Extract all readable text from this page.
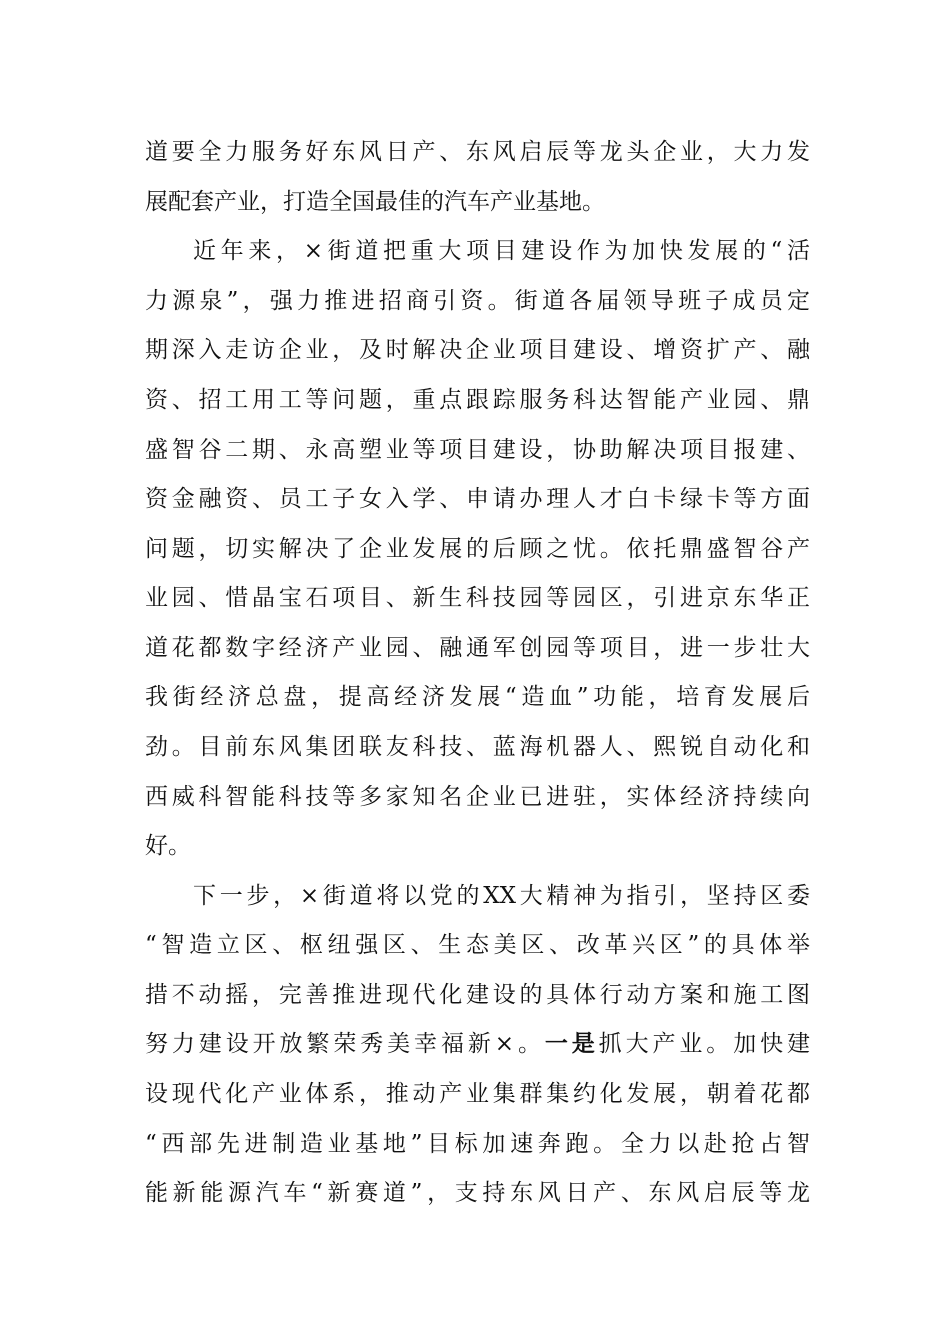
道要全力服务好东风日产、东风启辰等龙头企业，大力发
展配套产业，打造全国最佳的汽车产业基地。
近年来，×街道把重大项目建设作为加快发展的“活
力源泉”，强力推进招商引资。街道各届领导班子成员定
期深入走访企业，及时解决企业项目建设、增资扩产、融
资、招工用工等问题，重点跟踪服务科达智能产业园、鼎
盛智谷二期、永高塑业等项目建设，协助解决项目报建、
资金融资、员工子女入学、申请办理人才白卡绿卡等方面
问题，切实解决了企业发展的后顾之忧。依托鼎盛智谷产
业园、惜晶宝石项目、新生科技园等园区，引进京东华正
道花都数字经济产业园、融通军创园等项目，进一步壮大
我街经济总盘，提高经济发展“造血”功能，培育发展后
劲。目前东风集团联友科技、蓝海机器人、熙锐自动化和
西威科智能科技等多家知名企业已进驻，实体经济持续向
好。
下一步，×街道将以党的XX大精神为指引，坚持区委
“智造立区、枢纽强区、生态美区、改革兴区”的具体举
措不动摇，完善推进现代化建设的具体行动方案和施工图
努力建设开放繁荣秀美幸福新×。一是抓大产业。加快建
设现代化产业体系，推动产业集群集约化发展，朝着花都
“西部先进制造业基地”目标加速奔跑。全力以赴抢占智
能新能源汽车“新赛道”，支持东风日产、东风启辰等龙
